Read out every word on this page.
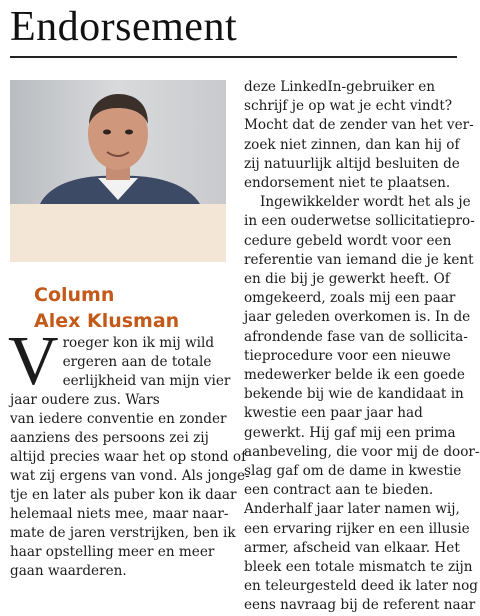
Endorsement
Column
Alex Klusman
V roeger kon ik mij wild
ergeren aan de totale
eerlijkheid van mijn vier
jaar oudere zus. Wars
van iedere conventie en zonder
aanziens des persoons zei zij
altijd precies waar het op stond of
wat zij ergens van vond. Als jonge-
tje en later als puber kon ik daar
helemaal niets mee, maar naar-
mate de jaren verstrijken, ben ik
haar opstelling meer en meer
gaan waarderen.

deze LinkedIn-gebruiker en
schrijf je op wat je echt vindt?
Mocht dat de zender van het ver-
zoek niet zinnen, dan kan hij of
zij natuurlijk altijd besluiten de
endorsement niet te plaatsen.

Ingewikkelder wordt het als je
in een ouderwetse sollicitatiepro-
cedure gebeld wordt voor een
referentie van iemand die je kent
en die bij je gewerkt heeft. Of
omgekeerd, zoals mij een paar
jaar geleden overkomen is. In de
afrondende fase van de sollicita-
tieprocedure voor een nieuwe
medewerker belde ik een goede
bekende bij wie de kandidaat in
kwestie een paar jaar had
gewerkt. Hij gaf mij een prima
aanbeveling, die voor mij de door-
slag gaf om de dame in kwestie
een contract aan te bieden.
Anderhalf jaar later namen wij,
een ervaring rijker en een illusie
armer, afscheid van elkaar. Het
bleek een totale mismatch te zijn
en teleurgesteld deed ik later nog
eens navraag bij de referent naar
